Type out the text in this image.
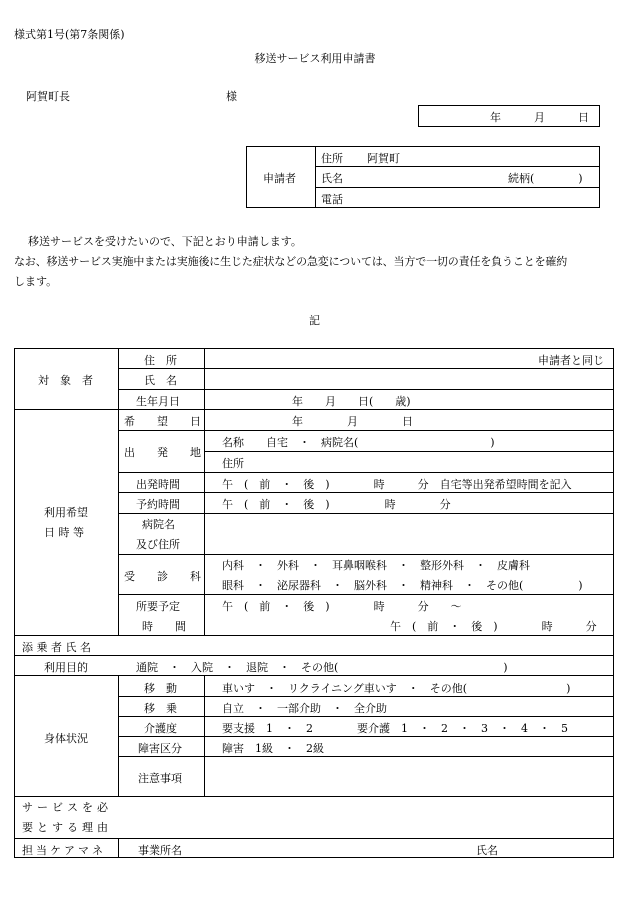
様式第1号(第7条関係)
移送サービス利用申請書
阿賀町長	様
年　　　月　　　日
申請者
住所 阿賀町
氏名	続柄(　　　　)
電話
移送サービスを受けたいので、下記とおり申請します。
なお、移送サービス実施中または実施後に生じた症状などの急変については、当方で一切の責任を負うことを確約
します。
記
対　象　者
住　所	申請者と同じ
氏　名
生年月日	年　　月　　日(　　歳)
利用希望
日 時 等
希　　望　　日	年　　　　月　　　　日
出　　発　　地
名称　　自宅　・　病院名(　　　　　　　　　　　　)
住所
出発時間	午　(　前　・　後　)　　　　時　　　分　自宅等出発希望時間を記入
予約時間	午　(　前　・　後　)　　　　　時　　　　分
病院名
及び住所
受　　診　　科
内科　・　外科　・　耳鼻咽喉科　・　整形外科　・　皮膚科
眼科　・　泌尿器科　・　脳外科　・　精神科　・　その他(　　　　　)
所要予定
時　　間
午　(　前　・　後　)　　　　時　　　分　　〜
午　(　前　・　後　)　　　　時　　　分
添 乗 者 氏 名
利用目的	通院　・　入院　・　退院　・　その他(　　　　　　　　　　　　　　　)
身体状況
移　動	車いす　・　リクライニング車いす　・　その他(　　　　　　　　　)
移　乗	自立　・　一部介助　・　全介助
介護度	要支援　1　・　2　　　　要介護　1　・　2　・　3　・　4　・　5
障害区分	障害　1級　・　2級
注意事項
サービスを必
要とする理由
担当ケアマネ	事業所名	氏名
